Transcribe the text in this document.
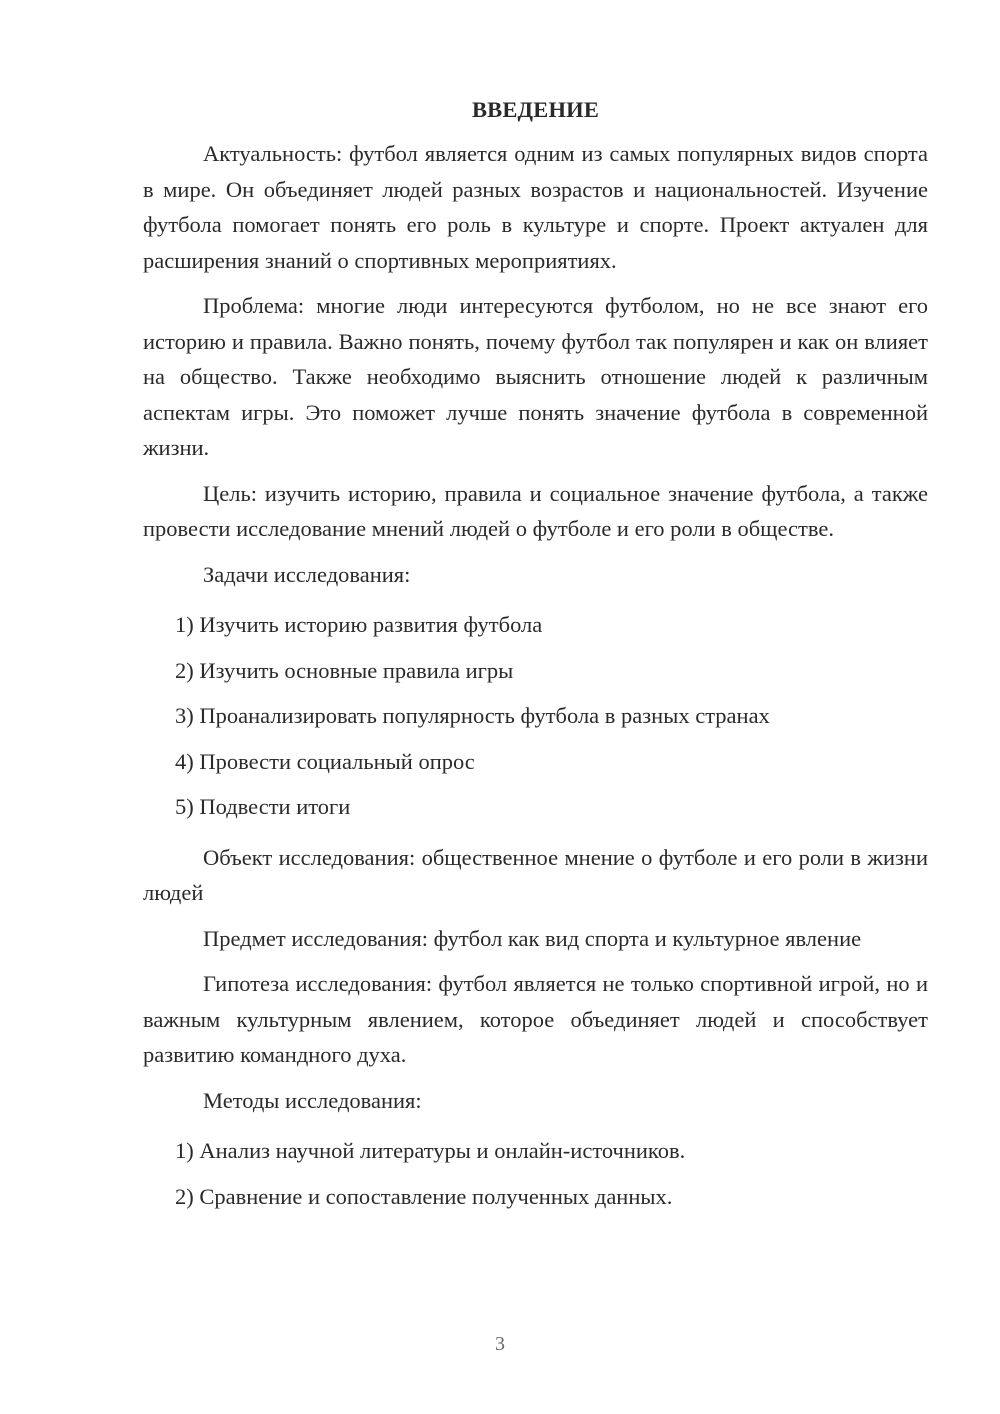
ВВЕДЕНИЕ

Актуальность: футбол является одним из самых популярных видов спорта в мире. Он объединяет людей разных возрастов и национальностей. Изучение футбола помогает понять его роль в культуре и спорте. Проект актуален для расширения знаний о спортивных мероприятиях.

Проблема: многие люди интересуются футболом, но не все знают его историю и правила. Важно понять, почему футбол так популярен и как он влияет на общество. Также необходимо выяснить отношение людей к различным аспектам игры. Это поможет лучше понять значение футбола в современной жизни.

Цель: изучить историю, правила и социальное значение футбола, а также провести исследование мнений людей о футболе и его роли в обществе.

Задачи исследования:

1) Изучить историю развития футбола
2) Изучить основные правила игры
3) Проанализировать популярность футбола в разных странах
4) Провести социальный опрос
5) Подвести итоги

Объект исследования: общественное мнение о футболе и его роли в жизни людей

Предмет исследования: футбол как вид спорта и культурное явление

Гипотеза исследования: футбол является не только спортивной игрой, но и важным культурным явлением, которое объединяет людей и способствует развитию командного духа.

Методы исследования:

1) Анализ научной литературы и онлайн-источников.
2) Сравнение и сопоставление полученных данных.
3
